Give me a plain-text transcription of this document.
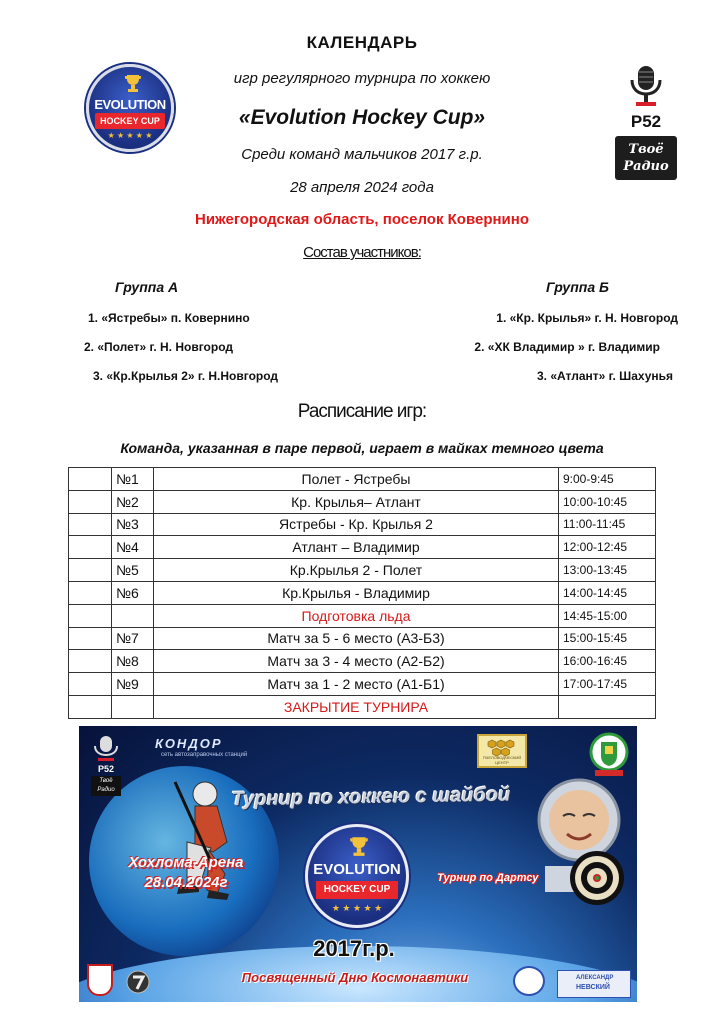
КАЛЕНДАРЬ
игр регулярного турнира по хоккею
«Evolution Hockey Cup»
Среди команд мальчиков 2017 г.р.
28 апреля 2024 года
Нижегородская область, поселок Ковернино
EVOLUTION
HOCKEY CUP
★ ★ ★ ★ ★
P52
Твоё
Радио
Состав участников:
Группа А	Группа Б
1. «Ястребы» п. Ковернино
2. «Полет» г. Н. Новгород
3. «Кр.Крылья 2» г. Н.Новгород
1. «Кр. Крылья» г. Н. Новгород
2. «ХК Владимир » г. Владимир
3. «Атлант» г. Шахунья
Расписание игр:
Команда, указанная в паре первой, играет в майках темного цвета
	№1	Полет - Ястребы	9:00-9:45
	№2	Кр. Крылья– Атлант	10:00-10:45
	№3	Ястребы - Кр. Крылья 2	11:00-11:45
	№4	Атлант – Владимир	12:00-12:45
	№5	Кр.Крылья 2 - Полет	13:00-13:45
	№6	Кр.Крылья - Владимир	14:00-14:45
		Подготовка льда	14:45-15:00
	№7	Матч за 5 - 6 место (А3-Б3)	15:00-15:45
	№8	Матч за 3 - 4 место (А2-Б2)	16:00-16:45
	№9	Матч за 1 - 2 место (А1-Б1)	17:00-17:45
		ЗАКРЫТИЕ ТУРНИРА	
P52
Твоё Радио
КОНДОР
сеть автозаправочных станций	ПЧЕЛОВОДЧЕСКИЙ ЦЕНТР
Турнир по хоккею с шайбой
Хохлома-Арена
28.04.2024г
EVOLUTION
HOCKEY CUP
★ ★ ★ ★ ★
Турнир по Дартсу
2017г.р.
Посвященный Дню Космонавтики	АЛЕКСАНДР
НЕВСКИЙ
